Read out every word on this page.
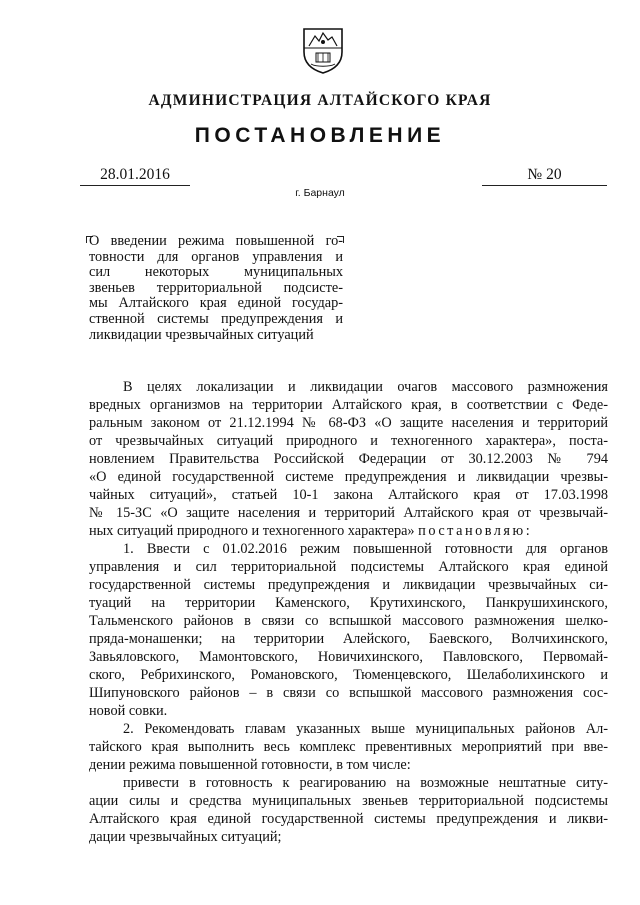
АДМИНИСТРАЦИЯ АЛТАЙСКОГО КРАЯ
ПОСТАНОВЛЕНИЕ
28.01.2016	№ 20
г. Барнаул
О введении режима повышенной го-
товности для органов управления и
сил некоторых муниципальных
звеньев территориальной подсисте-
мы Алтайского края единой государ-
ственной системы предупреждения и
ликвидации чрезвычайных ситуаций
В целях локализации и ликвидации очагов массового размножения
вредных организмов на территории Алтайского края, в соответствии с Феде-
ральным законом от 21.12.1994 № 68-ФЗ «О защите населения и территорий
от чрезвычайных ситуаций природного и техногенного характера», поста-
новлением Правительства Российской Федерации от 30.12.2003 № 794
«О единой государственной системе предупреждения и ликвидации чрезвы-
чайных ситуаций», статьей 10-1 закона Алтайского края от 17.03.1998
№ 15-ЗС «О защите населения и территорий Алтайского края от чрезвычай-
ных ситуаций природного и техногенного характера» постановляю:
1. Ввести с 01.02.2016 режим повышенной готовности для органов
управления и сил территориальной подсистемы Алтайского края единой
государственной системы предупреждения и ликвидации чрезвычайных си-
туаций на территории Каменского, Крутихинского, Панкрушихинского,
Тальменского районов в связи со вспышкой массового размножения шелко-
пряда-монашенки; на территории Алейского, Баевского, Волчихинского,
Завьяловского, Мамонтовского, Новичихинского, Павловского, Первомай-
ского, Ребрихинского, Романовского, Тюменцевского, Шелаболихинского и
Шипуновского районов – в связи со вспышкой массового размножения сос-
новой совки.
2. Рекомендовать главам указанных выше муниципальных районов Ал-
тайского края выполнить весь комплекс превентивных мероприятий при вве-
дении режима повышенной готовности, в том числе:
привести в готовность к реагированию на возможные нештатные ситу-
ации силы и средства муниципальных звеньев территориальной подсистемы
Алтайского края единой государственной системы предупреждения и ликви-
дации чрезвычайных ситуаций;
